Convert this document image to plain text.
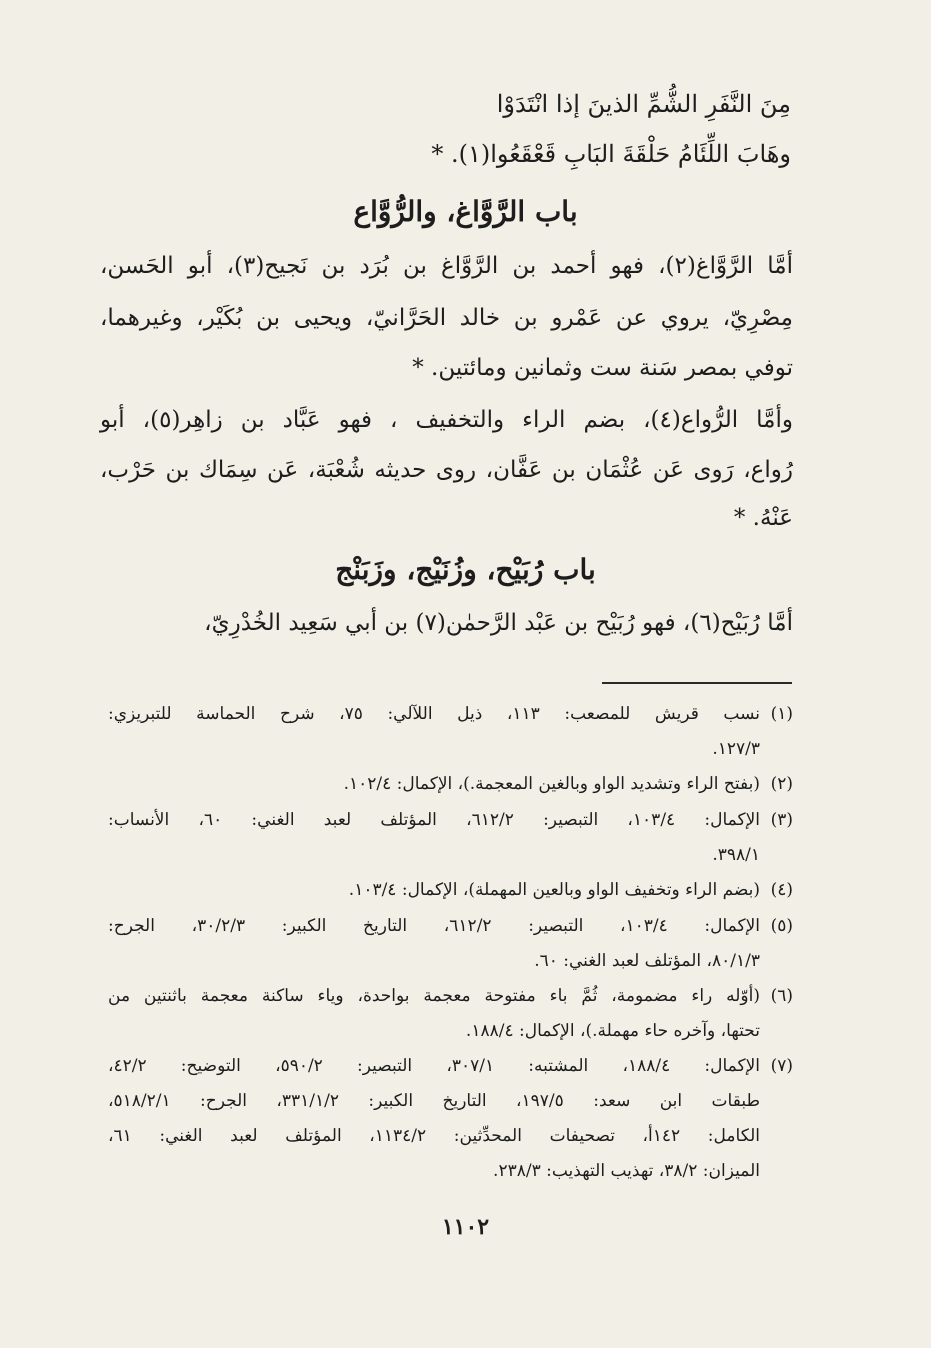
مِنَ النَّفَرِ الشُّمِّ الذينَ إذا انْتَدَوْا
وهَابَ اللِّئَامُ حَلْقَةَ البَابِ قَعْقَعُوا(١). *
باب الرَّوَّاغ، والرُّوَّاع
أمَّا الرَّوَّاغ(٢)، فهو أحمد بن الرَّوَّاغ بن بُرَد بن نَجيح(٣)، أبو الحَسن،
مِصْرِيّ، يروي عن عَمْرو بن خالد الحَرَّانيّ، ويحيى بن بُكَيْر، وغيرهما،
توفي بمصر سَنة ست وثمانين ومائتين. *
وأمَّا الرُّواع(٤)، بضم الراء والتخفيف ، فهو عَبَّاد بن زاهِر(٥)، أبو
رُواع، رَوى عَن عُثْمَان بن عَفَّان، روى حديثه شُعْبَة، عَن سِمَاك بن حَرْب،
عَنْهُ. *
باب رُبَيْح، وزُنَيْج، وزَبَنْج
أمَّا رُبَيْح(٦)، فهو رُبَيْح بن عَبْد الرَّحمٰن(٧) بن أبي سَعِيد الخُدْرِيّ،
(١)
نسب قريش للمصعب: ١١٣، ذيل اللآلي: ٧٥، شرح الحماسة للتبريزي:
١٢٧/٣.
(٢)
(بفتح الراء وتشديد الواو وبالغين المعجمة.)، الإكمال: ١٠٢/٤.
(٣)
الإكمال: ١٠٣/٤، التبصير: ٦١٢/٢، المؤتلف لعبد الغني: ٦٠، الأنساب:
٣٩٨/١.
(٤)
(بضم الراء وتخفيف الواو وبالعين المهملة)، الإكمال: ١٠٣/٤.
(٥)
الإكمال: ١٠٣/٤، التبصير: ٦١٢/٢، التاريخ الكبير: ٣٠/٢/٣، الجرح:
٨٠/١/٣، المؤتلف لعبد الغني: ٦٠.
(٦)
(أوّله راء مضمومة، ثُمَّ باء مفتوحة معجمة بواحدة، وياء ساكنة معجمة باثنتين من
تحتها، وآخره حاء مهملة.)، الإكمال: ١٨٨/٤.
(٧)
الإكمال: ١٨٨/٤، المشتبه: ٣٠٧/١، التبصير: ٥٩٠/٢، التوضيح: ٤٢/٢،
طبقات ابن سعد: ١٩٧/٥، التاريخ الكبير: ٣٣١/١/٢، الجرح: ٥١٨/٢/١،
الكامل: ١٤٢أ، تصحيفات المحدِّثين: ١١٣٤/٢، المؤتلف لعبد الغني: ٦١،
الميزان: ٣٨/٢، تهذيب التهذيب: ٢٣٨/٣.
١١٠٢
